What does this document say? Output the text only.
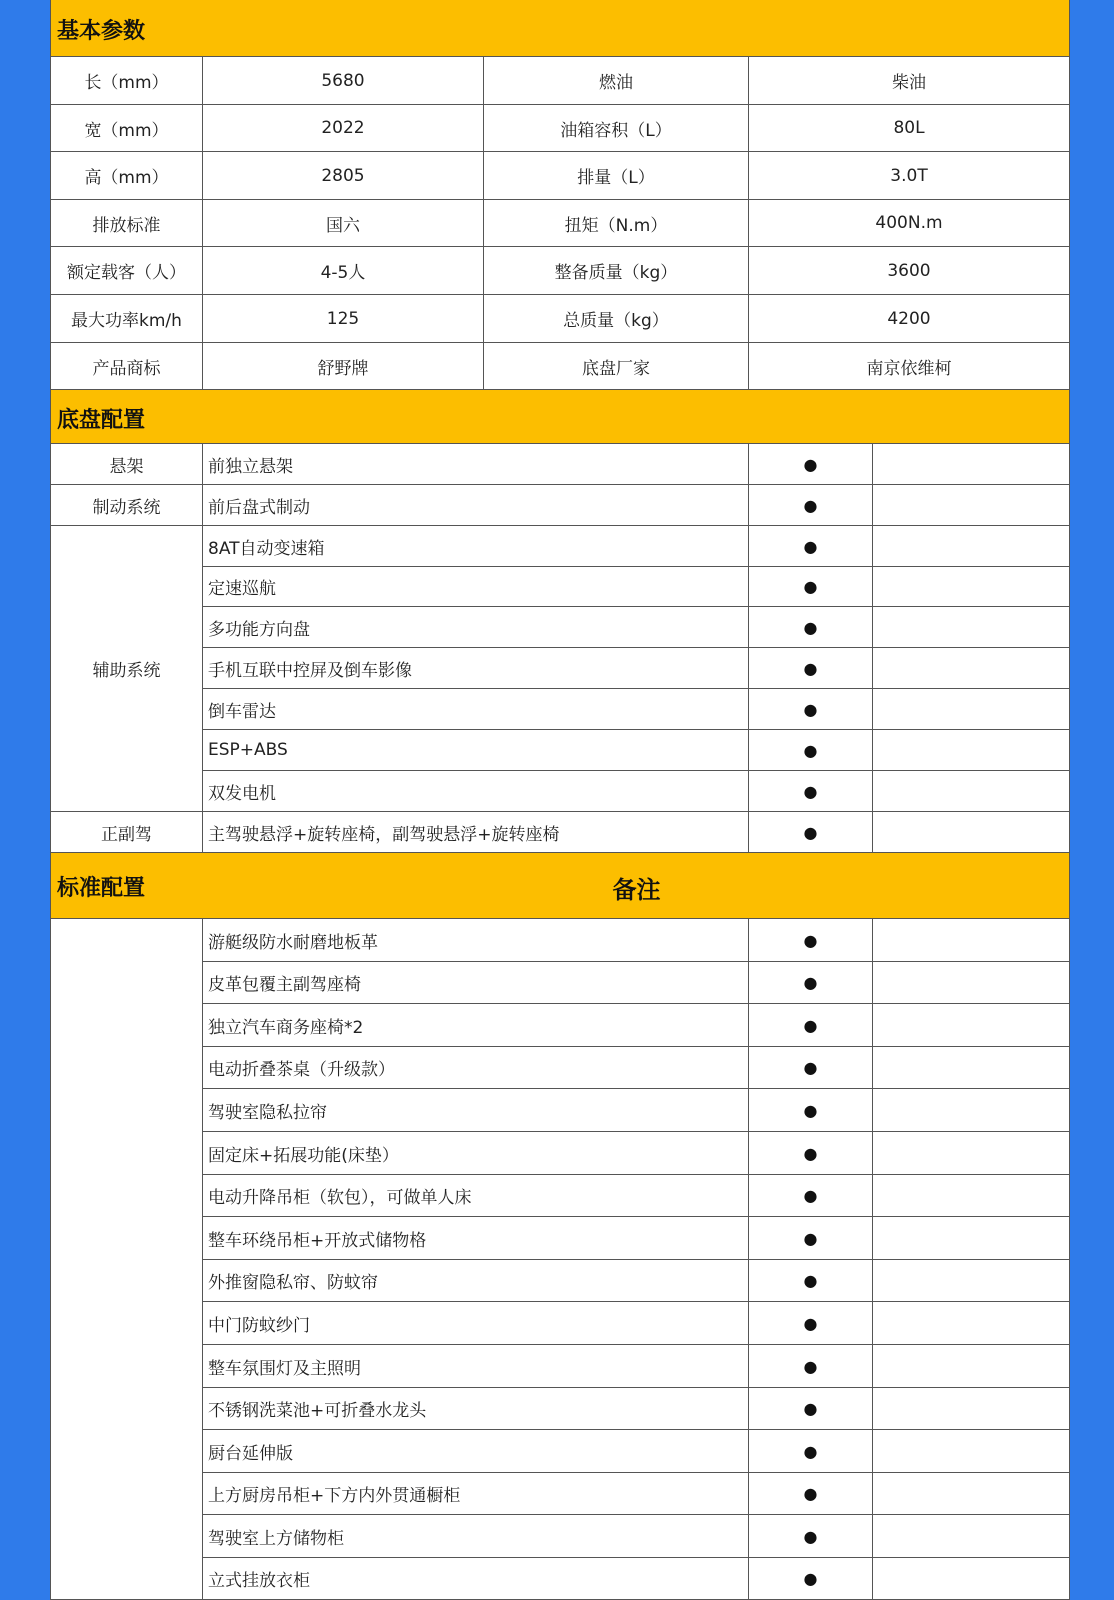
基本参数
长（mm）	5680	燃油	柴油
宽（mm）	2022	油箱容积（L）	80L
高（mm）	2805	排量（L）	3.0T
排放标准	国六	扭矩（N.m）	400N.m
额定载客（人）	4-5人	整备质量（kg）	3600
最大功率km/h	125	总质量（kg）	4200
产品商标	舒野牌	底盘厂家	南京依维柯
底盘配置
悬架	前独立悬架	●
制动系统	前后盘式制动	●
辅助系统
8AT自动变速箱	●
定速巡航	●
多功能方向盘	●
手机互联中控屏及倒车影像	●
倒车雷达	●
ESP+ABS	●
双发电机	●
正副驾	主驾驶悬浮+旋转座椅，副驾驶悬浮+旋转座椅	●
标准配置	备注
游艇级防水耐磨地板革	●
皮革包覆主副驾座椅	●
独立汽车商务座椅*2	●
电动折叠茶桌（升级款）	●
驾驶室隐私拉帘	●
固定床+拓展功能(床垫）	●
电动升降吊柜（软包），可做单人床	●
整车环绕吊柜+开放式储物格	●
外推窗隐私帘、防蚊帘	●
中门防蚊纱门	●
整车氛围灯及主照明	●
不锈钢洗菜池+可折叠水龙头	●
厨台延伸版	●
上方厨房吊柜+下方内外贯通橱柜	●
驾驶室上方储物柜	●
立式挂放衣柜	●
